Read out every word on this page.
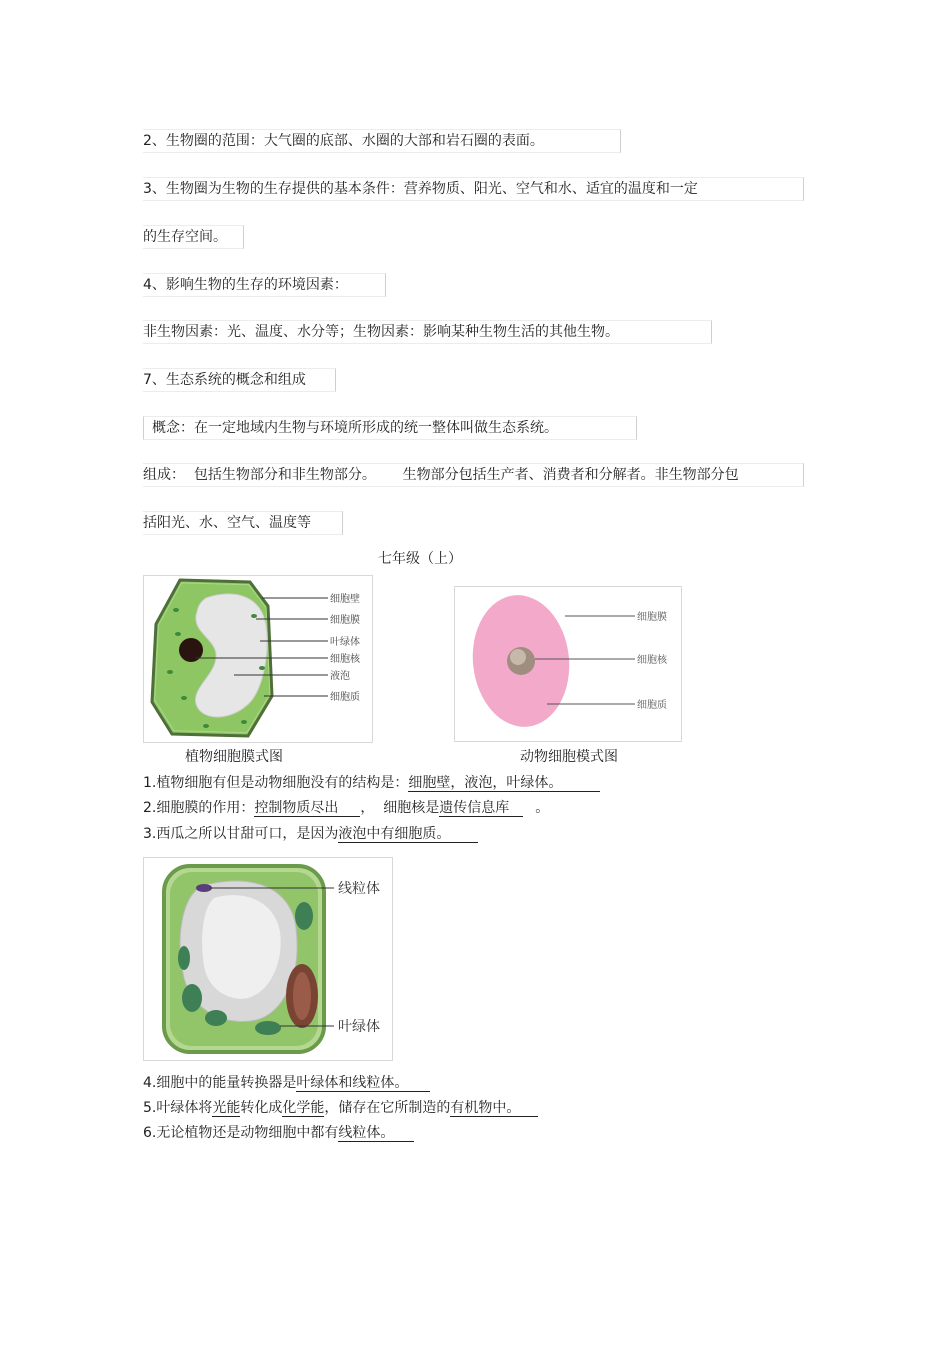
2、生物圈的范围：大气圈的底部、水圈的大部和岩石圈的表面。
3、生物圈为生物的生存提供的基本条件：营养物质、阳光、空气和水、适宜的温度和一定
的生存空间。
4、影响生物的生存的环境因素：
非生物因素：光、温度、水分等；生物因素：影响某种生物生活的其他生物。
7、生态系统的概念和组成
概念：在一定地域内生物与环境所形成的统一整体叫做生态系统。
组成：  包括生物部分和非生物部分。      生物部分包括生产者、消费者和分解者。非生物部分包
括阳光、水、空气、温度等
七年级（上）
细胞壁
细胞膜
叶绿体
细胞核
液泡
细胞质
细胞膜
细胞核
细胞质
植物细胞膜式图	动物细胞模式图
1.植物细胞有但是动物细胞没有的结构是：细胞壁，液泡，叶绿体。
2.细胞膜的作用：控制物质尽出 ，  细胞核是遗传信息库 。
3.西瓜之所以甘甜可口，是因为液泡中有细胞质。
线粒体
叶绿体
4.细胞中的能量转换器是叶绿体和线粒体。
5.叶绿体将光能转化成化学能，储存在它所制造的有机物中。
6.无论植物还是动物细胞中都有线粒体。
